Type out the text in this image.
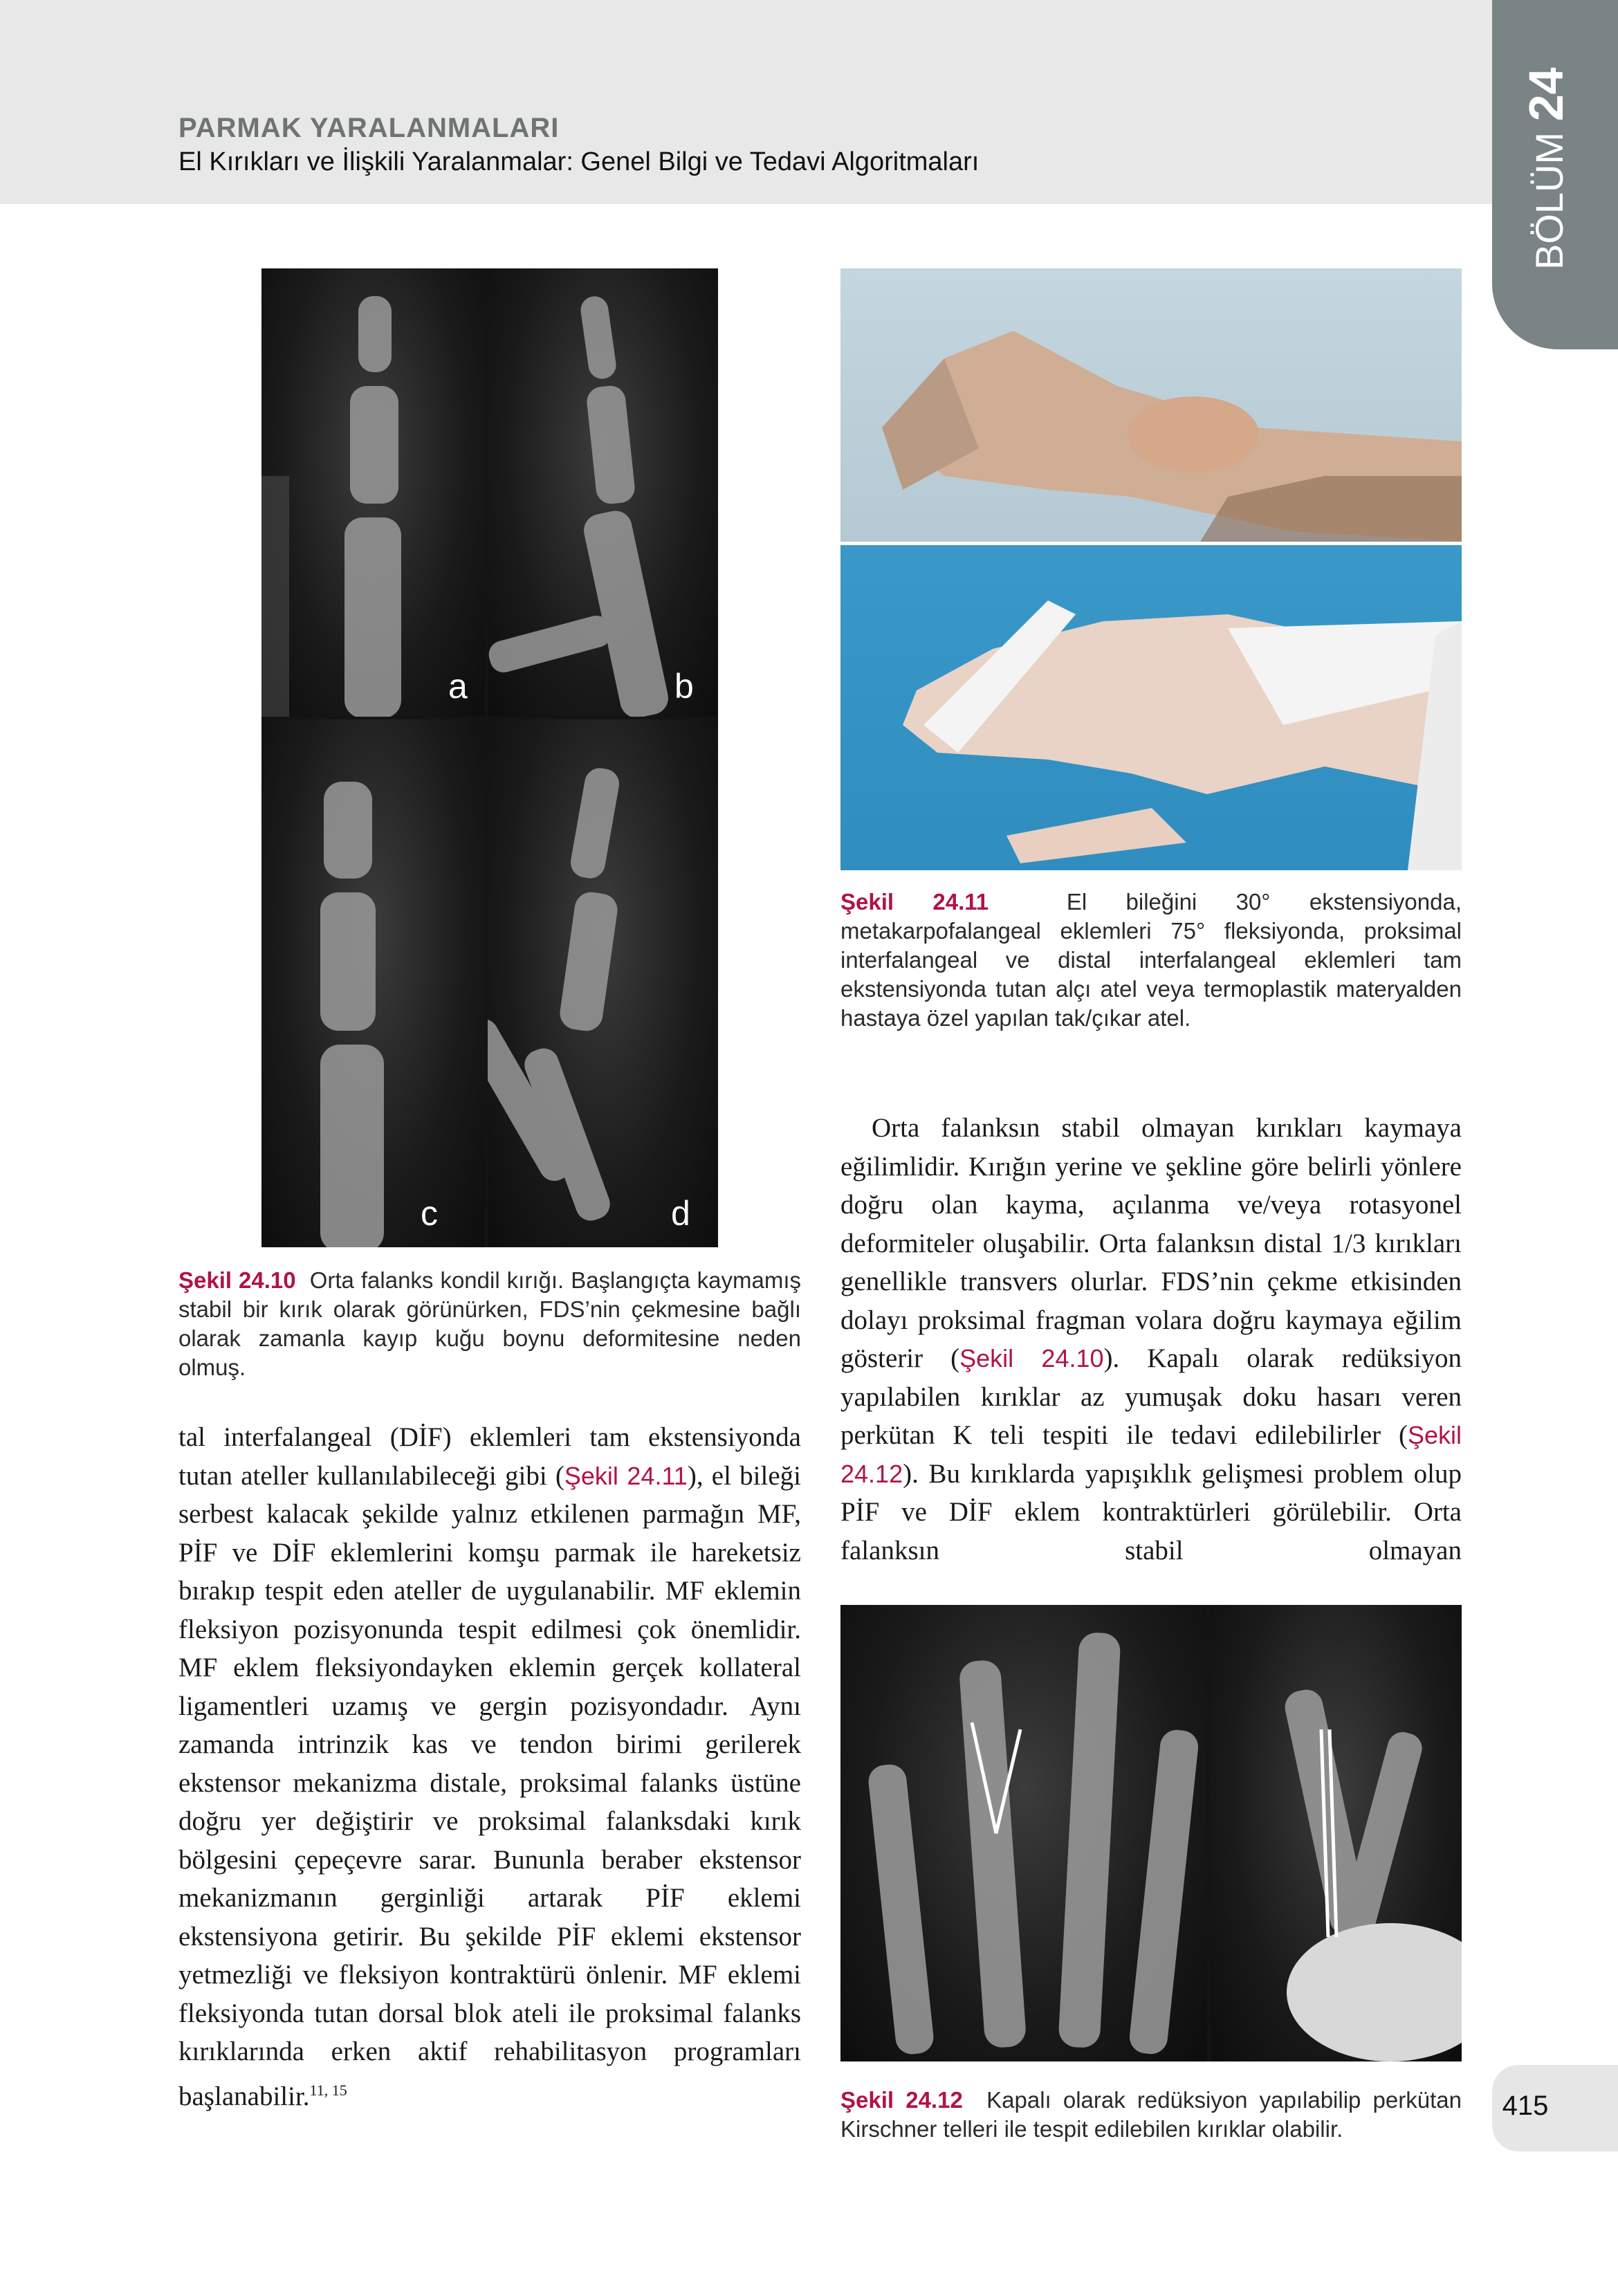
BÖLÜM 24
PARMAK YARALANMALARI
El Kırıkları ve İlişkili Yaralanmalar: Genel Bilgi ve Tedavi Algoritmaları
a	b
c	d
Şekil 24.10 Orta falanks kondil kırığı. Başlangıçta kaymamış stabil bir kırık olarak görünürken, FDS’nin çekmesine bağlı olarak zamanla kayıp kuğu boynu deformitesine neden olmuş.
Şekil 24.11	El bileğini 30° ekstensiyonda, metakarpofalangeal eklemleri 75° fleksiyonda, proksimal interfalangeal ve distal interfalangeal eklemleri tam ekstensiyonda tutan alçı atel veya termoplastik materyalden hastaya özel yapılan tak/çıkar atel.

tal interfalangeal (DİF) eklemleri tam ekstensiyonda tutan ateller kullanılabileceği gibi (Şekil 24.11), el bileği serbest kalacak şekilde yalnız etkilenen parmağın MF, PİF ve DİF eklemlerini komşu parmak ile hareketsiz bırakıp tespit eden ateller de uygulanabilir. MF eklemin fleksiyon pozisyonunda tespit edilmesi çok önemlidir. MF eklem fleksiyondayken eklemin gerçek kollateral ligamentleri uzamış ve gergin pozisyondadır. Aynı zamanda intrinzik kas ve tendon birimi gerilerek ekstensor mekanizma distale, proksimal falanks üstüne doğru yer değiştirir ve proksimal falanksdaki kırık bölgesini çepeçevre sarar. Bununla beraber ekstensor mekanizmanın gerginliği artarak PİF eklemi ekstensiyona getirir. Bu şekilde PİF eklemi ekstensor yetmezliği ve fleksiyon kontraktürü önlenir. MF eklemi fleksiyonda tutan dorsal blok ateli ile proksimal falanks kırıklarında erken aktif rehabilitasyon programları başlanabilir.$^{11, 15}$

Orta falanksın stabil olmayan kırıkları kaymaya eğilimlidir. Kırığın yerine ve şekline göre belirli yönlere doğru olan kayma, açılanma ve/veya rotasyonel deformiteler oluşabilir. Orta falanksın distal 1/3 kırıkları genellikle transvers olurlar. FDS’nin çekme etkisinden dolayı proksimal fragman volara doğru kaymaya eğilim gösterir (Şekil 24.10). Kapalı olarak redüksiyon yapılabilen kırıklar az yumuşak doku hasarı veren perkütan K teli tespiti ile tedavi edilebilirler (Şekil 24.12). Bu kırıklarda yapışıklık gelişmesi problem olup PİF ve DİF eklem kontraktürleri görülebilir. Orta falanksın stabil olmayan

Şekil 24.12 Kapalı olarak redüksiyon yapılabilip perkütan Kirschner telleri ile tespit edilebilen kırıklar olabilir.
415
